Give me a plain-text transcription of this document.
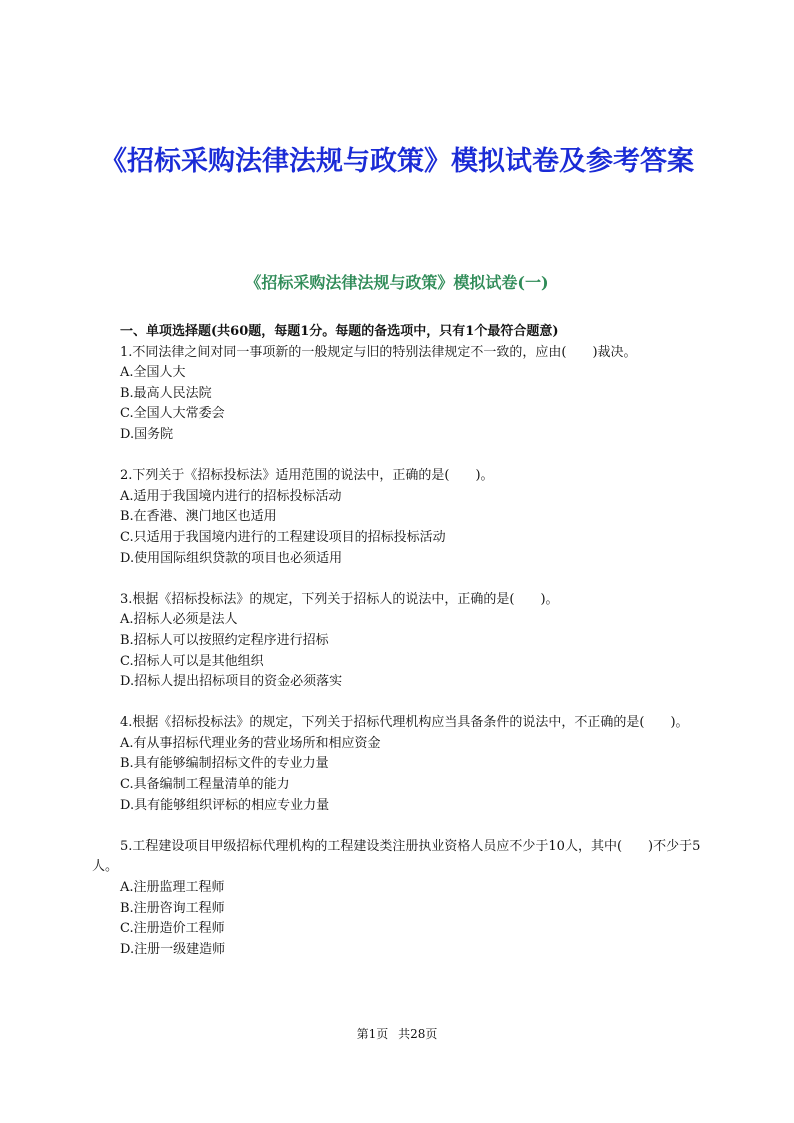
《招标采购法律法规与政策》模拟试卷及参考答案
《招标采购法律法规与政策》模拟试卷(一)

一、单项选择题(共60题，每题1分。每题的备选项中，只有1个最符合题意)

1.不同法律之间对同一事项新的一般规定与旧的特别法律规定不一致的，应由(　　)裁决。

A.全国人大

B.最高人民法院

C.全国人大常委会

D.国务院

2.下列关于《招标投标法》适用范围的说法中，正确的是(　　)。

A.适用于我国境内进行的招标投标活动

B.在香港、澳门地区也适用

C.只适用于我国境内进行的工程建设项目的招标投标活动

D.使用国际组织贷款的项目也必须适用

3.根据《招标投标法》的规定，下列关于招标人的说法中，正确的是(　　)。

A.招标人必须是法人

B.招标人可以按照约定程序进行招标

C.招标人可以是其他组织

D.招标人提出招标项目的资金必须落实

4.根据《招标投标法》的规定，下列关于招标代理机构应当具备条件的说法中，不正确的是(　　)。

A.有从事招标代理业务的营业场所和相应资金

B.具有能够编制招标文件的专业力量

C.具备编制工程量清单的能力

D.具有能够组织评标的相应专业力量

5.工程建设项目甲级招标代理机构的工程建设类注册执业资格人员应不少于10人，其中(　　)不少于5人。

A.注册监理工程师

B.注册咨询工程师

C.注册造价工程师

D.注册一级建造师

第1页 共28页
